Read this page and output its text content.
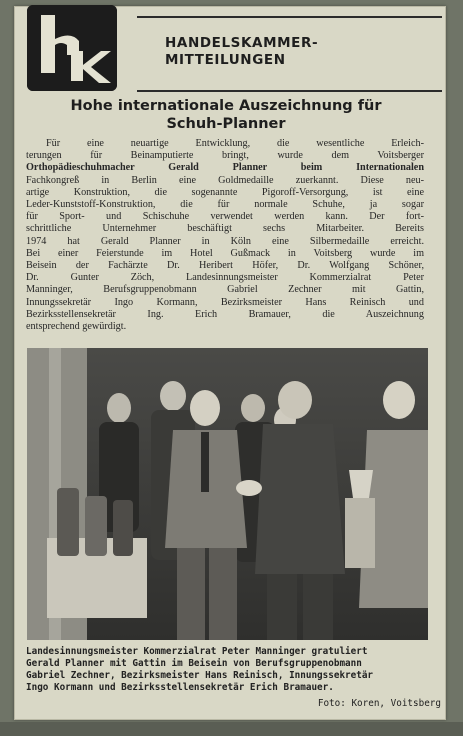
HANDELSKAMMER-
MITTEILUNGEN
Hohe internationale Auszeichnung für
Schuh-Planner
Für eine neuartige Entwicklung, die wesentliche Erleich-
terungen für Beinamputierte bringt, wurde dem Voitsberger
Orthopädieschuhmacher Gerald Planner beim Internationalen
Fachkongreß in Berlin eine Goldmedaille zuerkannt. Diese neu-
artige Konstruktion, die sogenannte Pigoroff-Versorgung, ist eine
Leder-Kunststoff-Konstruktion, die für normale Schuhe, ja sogar
für Sport- und Schischuhe verwendet werden kann. Der fort-
schrittliche Unternehmer beschäftigt sechs Mitarbeiter. Bereits
1974 hat Gerald Planner in Köln eine Silbermedaille erreicht.
Bei einer Feierstunde im Hotel Gußmack in Voitsberg wurde im
Beisein der Fachärzte Dr. Heribert Höfer, Dr. Wolfgang Schöner,
Dr. Gunter Zöch, Landesinnungsmeister Kommerzialrat Peter
Manninger, Berufsgruppenobmann Gabriel Zechner mit Gattin,
Innungssekretär Ingo Kormann, Bezirksmeister Hans Reinisch und
Bezirksstellensekretär Ing. Erich Bramauer, die Auszeichnung
entsprechend gewürdigt.
Landesinnungsmeister Kommerzialrat Peter Manninger gratuliert
Gerald Planner mit Gattin im Beisein von Berufsgruppenobmann
Gabriel Zechner, Bezirksmeister Hans Reinisch, Innungssekretär
Ingo Kormann und Bezirksstellensekretär Erich Bramauer.
Foto: Koren, Voitsberg
